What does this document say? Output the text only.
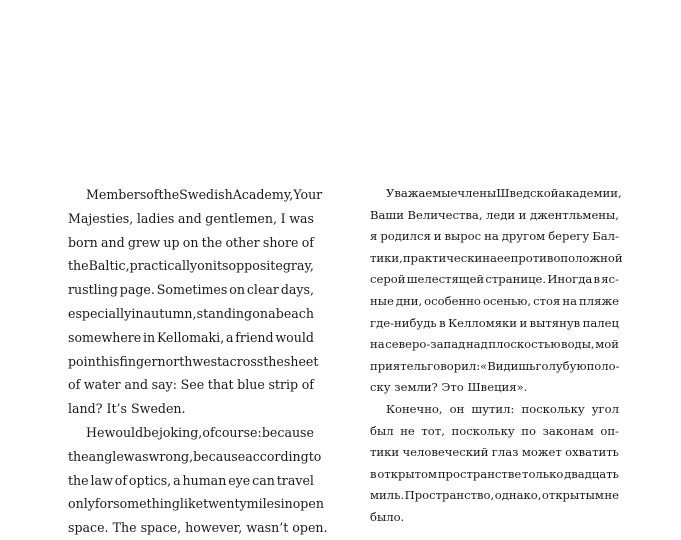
Members of the Swedish Academy, Your
Majesties, ladies and gentlemen, I was
born and grew up on the other shore of
the Baltic, practically on its opposite gray,
rustling page. Sometimes on clear days,
especially in autumn, standing on a beach
somewhere in Kellomaki, a friend would
point his finger northwest across the sheet
of water and say: See that blue strip of
land? It’s Sweden.
He would be joking, of course: because
the angle was wrong, because according to
the law of optics, a human eye can travel
only for something like twenty miles in open
space. The space, however, wasn’t open.
Уважаемые члены Шведской академии,
Ваши Величества, леди и джентльмены,
я родился и вырос на другом берегу Бал-
тики, практически на ее противоположной
серой шелестящей странице. Иногда в яс-
ные дни, особенно осенью, стоя на пляже
где-нибудь в Келломяки и вытянув палец
на северо-запад над плоскостью воды, мой
приятель говорил: «Видишь голубую поло-
ску земли? Это Швеция».
Конечно, он шутил: поскольку угол
был не тот, поскольку по законам оп-
тики человеческий глаз может охватить
в открытом пространстве только двадцать
миль. Пространство, однако, открытым не
было.
